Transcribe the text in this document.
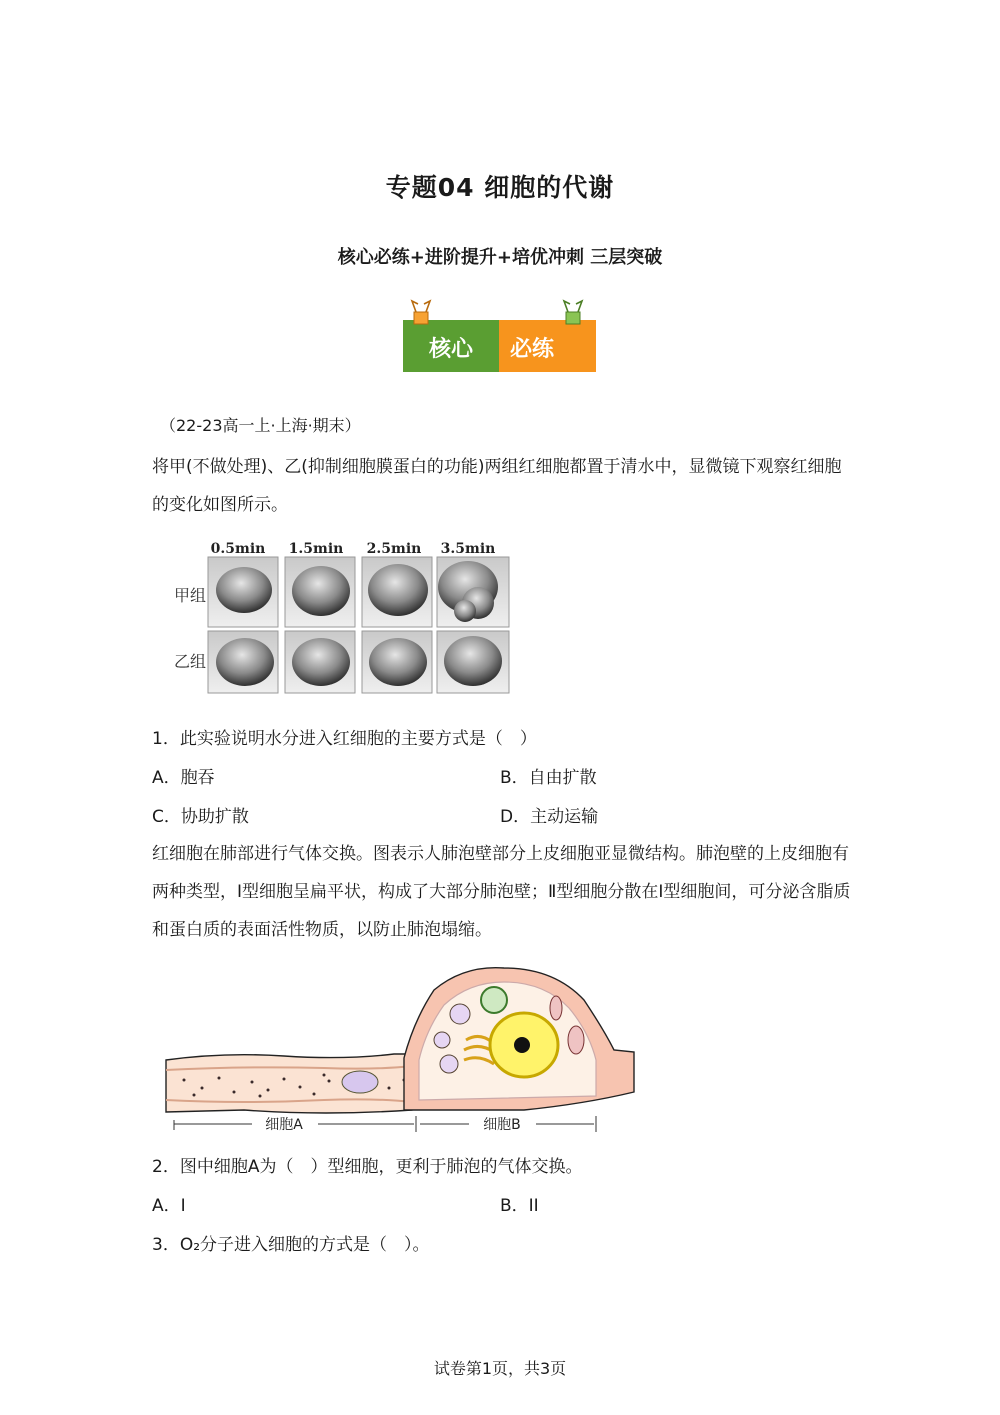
专题04 细胞的代谢
核心必练+进阶提升+培优冲刺 三层突破
核心 必练
（22-23高一上·上海·期末）
将甲(不做处理)、乙(抑制细胞膜蛋白的功能)两组红细胞都置于清水中，显微镜下观察红细胞的变化如图所示。
0.5min 1.5min 2.5min 3.5min
甲组
乙组
1．此实验说明水分进入红细胞的主要方式是（　）
A．胞吞	B．自由扩散
C．协助扩散	D．主动运输
红细胞在肺部进行气体交换。图表示人肺泡壁部分上皮细胞亚显微结构。肺泡壁的上皮细胞有两种类型，Ⅰ型细胞呈扁平状，构成了大部分肺泡壁；Ⅱ型细胞分散在Ⅰ型细胞间，可分泌含脂质和蛋白质的表面活性物质，以防止肺泡塌缩。
细胞A	细胞B
2．图中细胞A为（　）型细胞，更利于肺泡的气体交换。
A．I	B．II
3．O₂分子进入细胞的方式是（　）。
试卷第1页，共3页
